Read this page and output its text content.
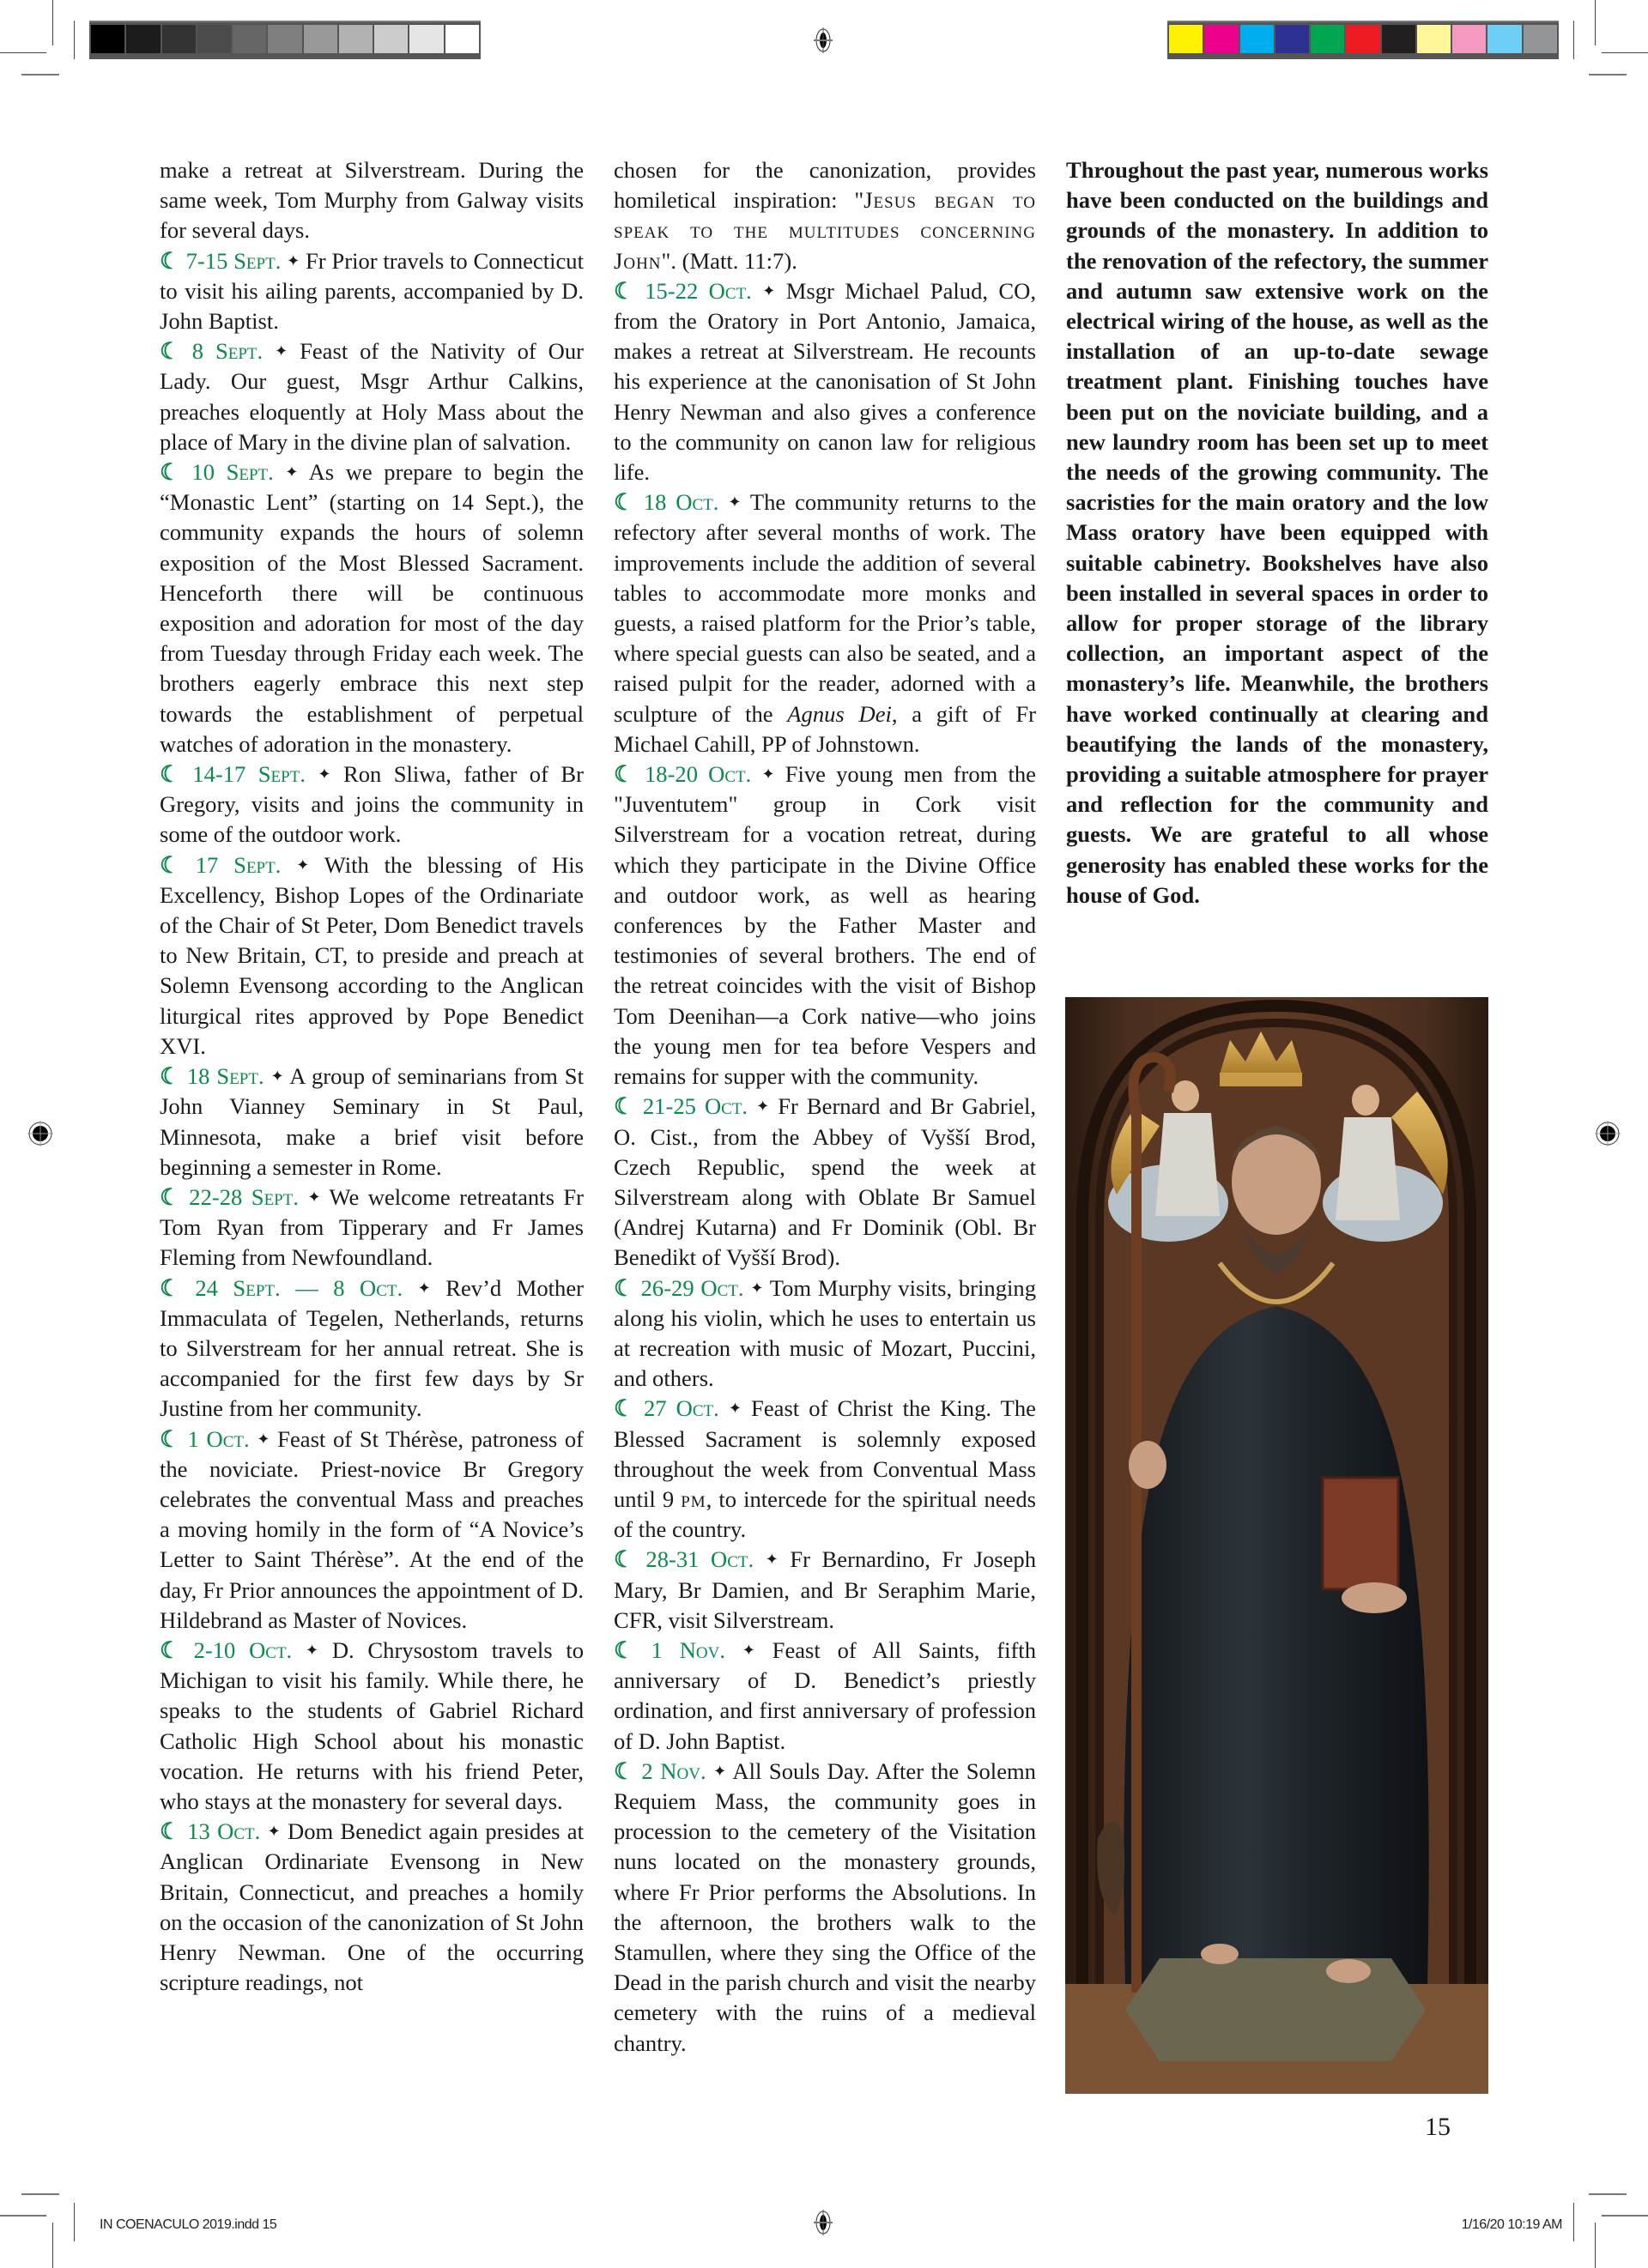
make a retreat at Silverstream. During the same week, Tom Murphy from Galway visits for several days.

☾ 7-15 Sept. ✦ Fr Prior travels to Connecticut to visit his ailing parents, accompanied by D. John Baptist.

☾ 8 Sept. ✦ Feast of the Nativity of Our Lady. Our guest, Msgr Arthur Calkins, preaches eloquently at Holy Mass about the place of Mary in the divine plan of salvation.

☾ 10 Sept. ✦ As we prepare to begin the “Monastic Lent” (starting on 14 Sept.), the community expands the hours of solemn exposition of the Most Blessed Sacrament. Henceforth there will be continuous exposition and adoration for most of the day from Tuesday through Friday each week. The brothers eagerly embrace this next step towards the establishment of perpetual watches of adoration in the monastery.

☾ 14-17 Sept. ✦ Ron Sliwa, father of Br Gregory, visits and joins the community in some of the outdoor work.

☾ 17 Sept. ✦ With the blessing of His Excellency, Bishop Lopes of the Ordinariate of the Chair of St Peter, Dom Benedict travels to New Britain, CT, to preside and preach at Solemn Evensong according to the Anglican liturgical rites approved by Pope Benedict XVI.

☾ 18 Sept. ✦ A group of seminarians from St John Vianney Seminary in St Paul, Minnesota, make a brief visit before beginning a semester in Rome.

☾ 22-28 Sept. ✦ We welcome retreatants Fr Tom Ryan from Tipperary and Fr James Fleming from Newfoundland.

☾ 24 Sept. — 8 Oct. ✦ Rev’d Mother Immaculata of Tegelen, Netherlands, returns to Silverstream for her annual retreat. She is accompanied for the first few days by Sr Justine from her community.

☾ 1 Oct. ✦ Feast of St Thérèse, patroness of the noviciate. Priest-novice Br Gregory celebrates the conventual Mass and preaches a moving homily in the form of “A Novice’s Letter to Saint Thérèse”. At the end of the day, Fr Prior announces the appointment of D. Hildebrand as Master of Novices.

☾ 2-10 Oct. ✦ D. Chrysostom travels to Michigan to visit his family. While there, he speaks to the students of Gabriel Richard Catholic High School about his monastic vocation. He returns with his friend Peter, who stays at the monastery for several days.

☾ 13 Oct. ✦ Dom Benedict again presides at Anglican Ordinariate Evensong in New Britain, Connecticut, and preaches a homily on the occasion of the canonization of St John Henry Newman. One of the occurring scripture readings, not

chosen for the canonization, provides homiletical inspiration: "Jesus began to speak to the multitudes concerning John". (Matt. 11:7).

☾ 15-22 Oct. ✦ Msgr Michael Palud, CO, from the Oratory in Port Antonio, Jamaica, makes a retreat at Silverstream. He recounts his experience at the canonisation of St John Henry Newman and also gives a conference to the community on canon law for religious life.

☾ 18 Oct. ✦ The community returns to the refectory after several months of work. The improvements include the addition of several tables to accommodate more monks and guests, a raised platform for the Prior’s table, where special guests can also be seated, and a raised pulpit for the reader, adorned with a sculpture of the Agnus Dei, a gift of Fr Michael Cahill, PP of Johnstown.

☾ 18-20 Oct. ✦ Five young men from the "Juventutem" group in Cork visit Silverstream for a vocation retreat, during which they participate in the Divine Office and outdoor work, as well as hearing conferences by the Father Master and testimonies of several brothers. The end of the retreat coincides with the visit of Bishop Tom Deenihan—a Cork native—who joins the young men for tea before Vespers and remains for supper with the community.

☾ 21-25 Oct. ✦ Fr Bernard and Br Gabriel, O. Cist., from the Abbey of Vyšší Brod, Czech Republic, spend the week at Silverstream along with Oblate Br Samuel (Andrej Kutarna) and Fr Dominik (Obl. Br Benedikt of Vyšší Brod).

☾ 26-29 Oct. ✦ Tom Murphy visits, bringing along his violin, which he uses to entertain us at recreation with music of Mozart, Puccini, and others.

☾ 27 Oct. ✦ Feast of Christ the King. The Blessed Sacrament is solemnly exposed throughout the week from Conventual Mass until 9 pm, to intercede for the spiritual needs of the country.

☾ 28-31 Oct. ✦ Fr Bernardino, Fr Joseph Mary, Br Damien, and Br Seraphim Marie, CFR, visit Silverstream.

☾ 1 Nov. ✦ Feast of All Saints, fifth anniversary of D. Benedict’s priestly ordination, and first anniversary of profession of D. John Baptist.

☾ 2 Nov. ✦ All Souls Day. After the Solemn Requiem Mass, the community goes in procession to the cemetery of the Visitation nuns located on the monastery grounds, where Fr Prior performs the Absolutions. In the afternoon, the brothers walk to the Stamullen, where they sing the Office of the Dead in the parish church and visit the nearby cemetery with the ruins of a medieval chantry.

Throughout the past year, numerous works have been conducted on the buildings and grounds of the monastery. In addition to the renovation of the refectory, the summer and autumn saw extensive work on the electrical wiring of the house, as well as the installation of an up-to-date sewage treatment plant. Finishing touches have been put on the noviciate building, and a new laundry room has been set up to meet the needs of the growing community. The sacristies for the main oratory and the low Mass oratory have been equipped with suitable cabinetry. Bookshelves have also been installed in several spaces in order to allow for proper storage of the library collection, an important aspect of the monastery’s life. Meanwhile, the brothers have worked continually at clearing and beautifying the lands of the monastery, providing a suitable atmosphere for prayer and reflection for the community and guests. We are grateful to all whose generosity has enabled these works for the house of God.

15
IN COENACULO 2019.indd 15	1/16/20 10:19 AM
